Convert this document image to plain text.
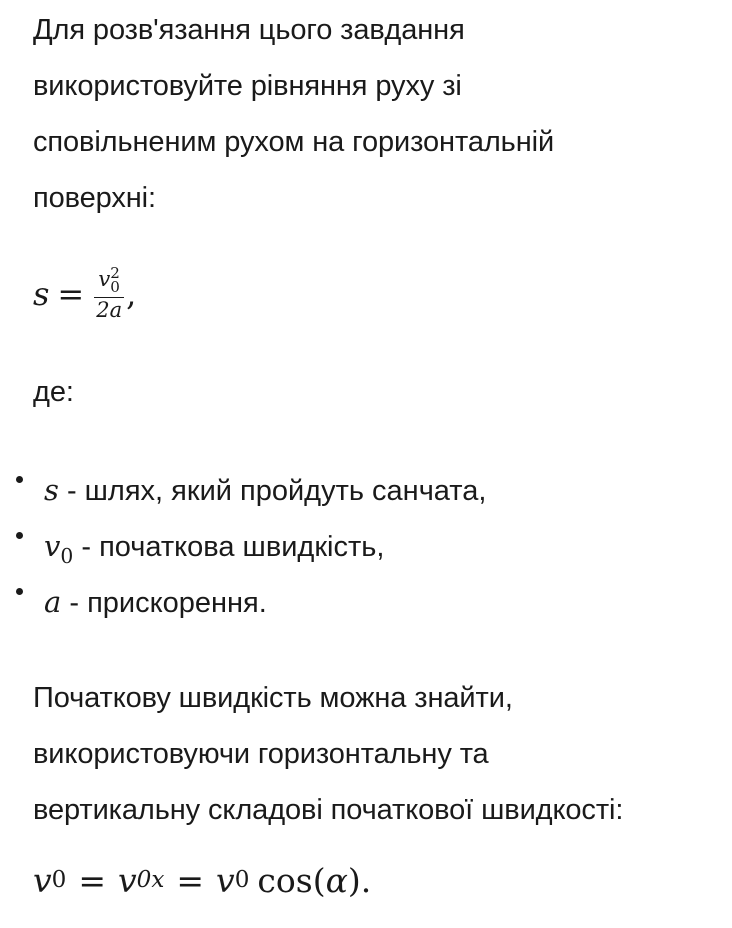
Для розв'язання цього завдання
використовуйте рівняння руху зі
сповільненим рухом на горизонтальній
поверхні:
s = v 2
0
2a ,
де:
s - шлях, який пройдуть санчата,
$v_0$ - початкова швидкість,
a - прискорення.
Початкову швидкість можна знайти,
використовуючи горизонтальну та
вертикальну складові початкової швидкості:
v 0 = v 0x = v 0 cos ( α ).
